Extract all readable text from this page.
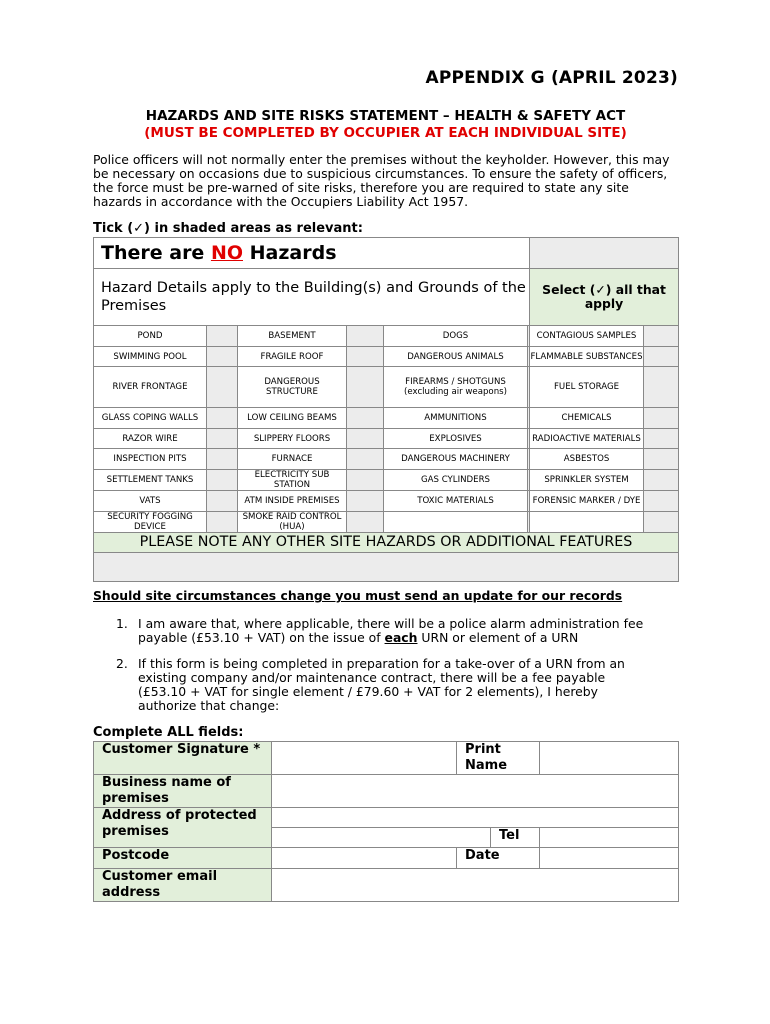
APPENDIX G (APRIL 2023)
HAZARDS AND SITE RISKS STATEMENT – HEALTH & SAFETY ACT
(MUST BE COMPLETED BY OCCUPIER AT EACH INDIVIDUAL SITE)
Police officers will not normally enter the premises without the keyholder. However, this may be necessary on occasions due to suspicious circumstances. To ensure the safety of officers, the force must be pre-warned of site risks, therefore you are required to state any site hazards in accordance with the Occupiers Liability Act 1957.
Tick (✓) in shaded areas as relevant:
There are NO Hazards							

Hazard Details apply to the Building(s) and Grounds of the
Premises						Select (✓) all that apply	
POND		BASEMENT		DOGS		CONTAGIOUS SAMPLES	
SWIMMING POOL		FRAGILE ROOF		DANGEROUS ANIMALS		FLAMMABLE SUBSTANCES	
RIVER FRONTAGE		DANGEROUS STRUCTURE		FIREARMS / SHOTGUNS (excluding air weapons)		FUEL STORAGE	
GLASS COPING WALLS		LOW CEILING BEAMS		AMMUNITIONS		CHEMICALS	
RAZOR WIRE		SLIPPERY FLOORS		EXPLOSIVES		RADIOACTIVE MATERIALS	
INSPECTION PITS		FURNACE		DANGEROUS MACHINERY		ASBESTOS	
SETTLEMENT TANKS		ELECTRICITY SUB STATION		GAS CYLINDERS		SPRINKLER SYSTEM	
VATS		ATM INSIDE PREMISES		TOXIC MATERIALS		FORENSIC MARKER / DYE	
SECURITY FOGGING DEVICE		SMOKE RAID CONTROL (HUA)					
PLEASE NOTE ANY OTHER SITE HAZARDS OR ADDITIONAL FEATURES							

Should site circumstances change you must send an update for our records
1. I am aware that, where applicable, there will be a police alarm administration fee
payable (£53.10 + VAT) on the issue of each URN or element of a URN
2. If this form is being completed in preparation for a take-over of a URN from an
existing company and/or maintenance contract, there will be a fee payable
(£53.10 + VAT for single element / £79.60 + VAT for 2 elements), I hereby
authorize that change:
Complete ALL fields:
Customer Signature *		Print Name		
Business name of premises				
Address of protected premises				
			Tel	
Postcode		Date		
Customer email address				
